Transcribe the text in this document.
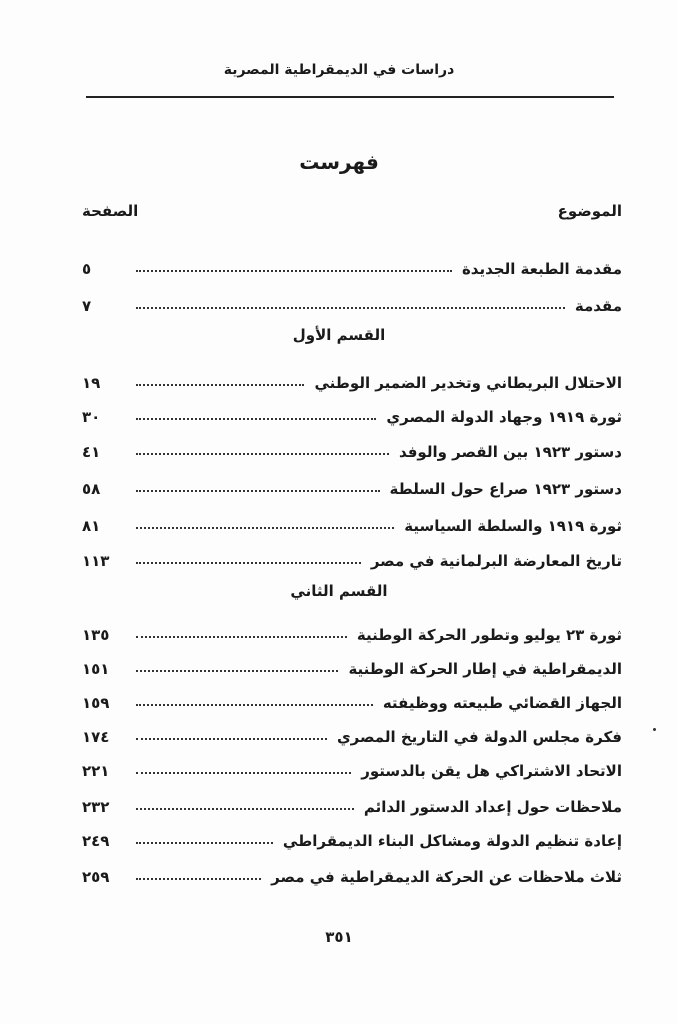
دراسات في الديمقراطية المصرية
فهرست
الموضوع
الصفحة
مقدمة الطبعة الجديدة
٥
مقدمة
٧
القسم الأول
الاحتلال البريطاني وتخدير الضمير الوطني
١٩
ثورة ١٩١٩ وجهاد الدولة المصري
٣٠
دستور ١٩٢٣ بين القصر والوفد
٤١
دستور ١٩٢٣ صراع حول السلطة
٥٨
ثورة ١٩١٩ والسلطة السياسية
٨١
تاريخ المعارضة البرلمانية في مصر
١١٣
القسم الثاني
ثورة ٢٣ يوليو وتطور الحركة الوطنية
١٣٥
الديمقراطية في إطار الحركة الوطنية
١٥١
الجهاز القضائي طبيعته ووظيفته
١٥٩
فكرة مجلس الدولة في التاريخ المصري
١٧٤
الاتحاد الاشتراكي هل يقن بالدستور
٢٢١
ملاحظات حول إعداد الدستور الدائم
٢٣٢
إعادة تنظيم الدولة ومشاكل البناء الديمقراطي
٢٤٩
ثلاث ملاحظات عن الحركة الديمقراطية في مصر
٢٥٩
٣٥١
